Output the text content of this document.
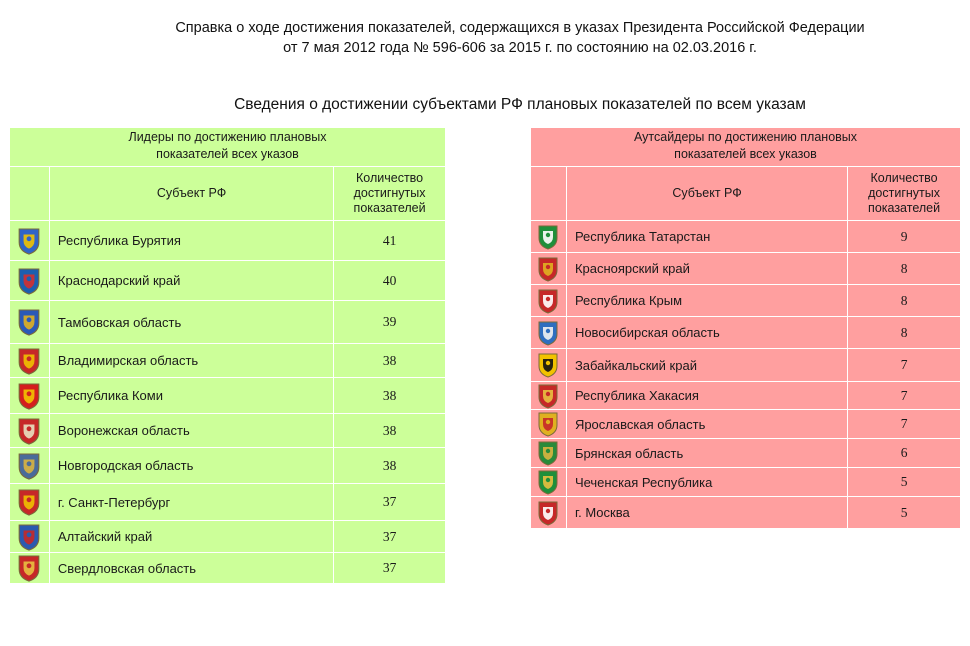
Справка о ходе достижения показателей, содержащихся в указах Президента Российской Федерации
от 7 мая 2012 года № 596-606 за 2015 г. по состоянию на 02.03.2016 г.
Сведения о достижении субъектами РФ плановых показателей по всем указам
Лидеры по достижению плановых
показателей всех указов		

	Субъект РФ	Количество
достигнутых
показателей

	Республика Бурятия	41
	Краснодарский край	40
	Тамбовская область	39
	Владимирская область	38
	Республика Коми	38
	Воронежская область	38
	Новгородская область	38
	г. Санкт-Петербург	37
	Алтайский край	37
	Свердловская область	37
Аутсайдеры по достижению плановых
показателей всех указов		

	Субъект РФ	Количество
достигнутых
показателей

	Республика Татарстан	9
	Красноярский край	8
	Республика Крым	8
	Новосибирская область	8
	Забайкальский край	7
	Республика Хакасия	7
	Ярославская область	7
	Брянская область	6
	Чеченская Республика	5
	г. Москва	5
